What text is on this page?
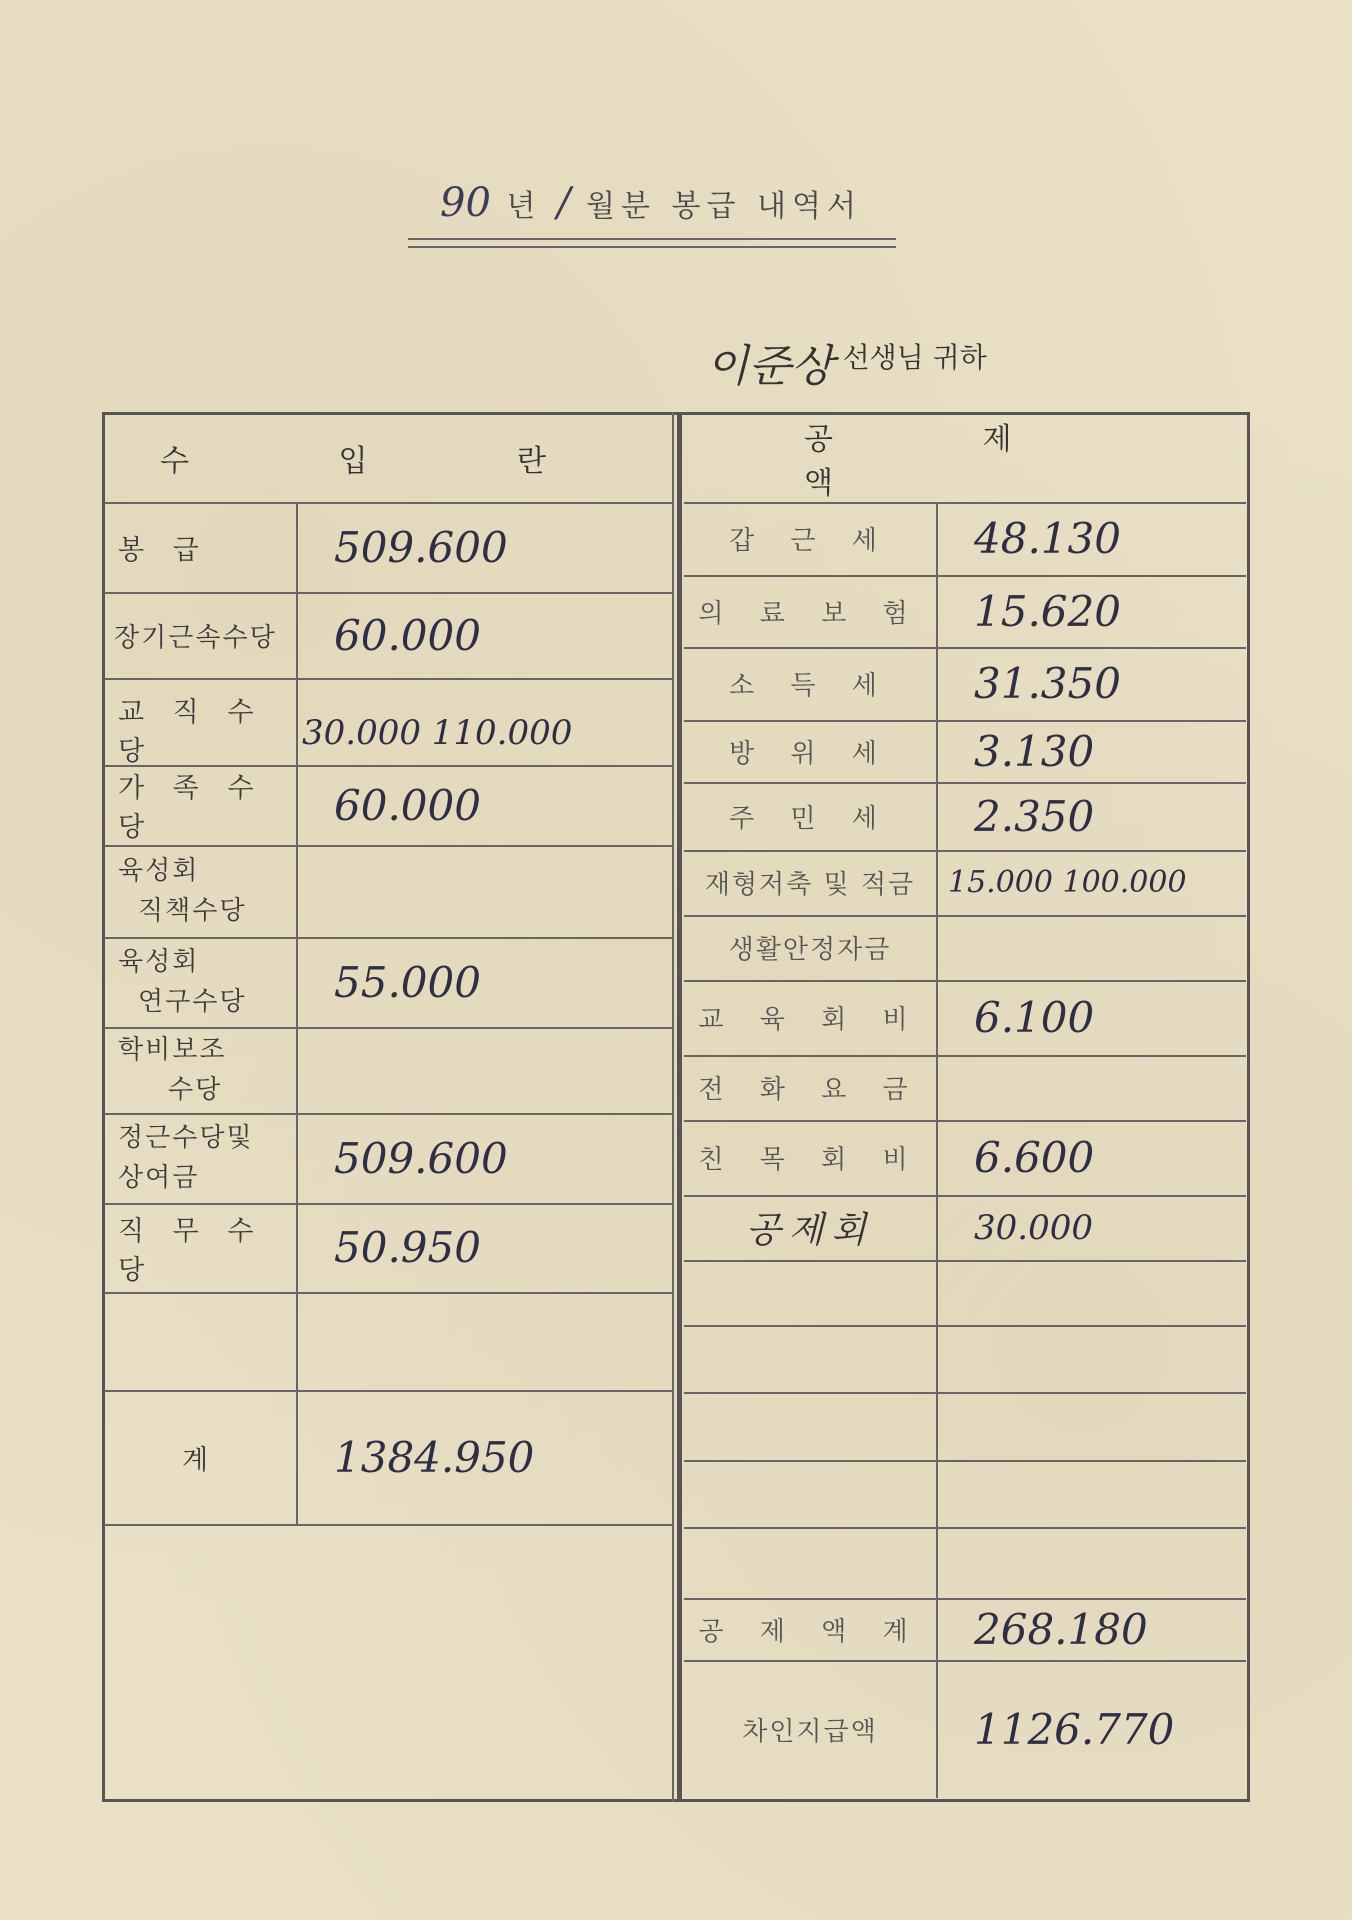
90 년 / 월분 봉급 내역서
이준상 선생님 귀하
수 입 란
봉 급	509.600
장기근속수당	60.000
교 직 수 당	30.000 110.000
가 족 수 당	60.000
육성회
직책수당
육성회
연구수당	55.000
학비보조
수당
정근수당및
상여금	509.600
직 무 수 당	50.950
계	1384.950
공 제 액
갑 근 세	48.130
의 료 보 험	15.620
소 득 세	31.350
방 위 세	3.130
주 민 세	2.350
재형저축 및 적금	15.000 100.000
생활안정자금
교 육 회 비	6.100
전 화 요 금
친 목 회 비	6.600
공제회	30.000
공 제 액 계	268.180
차인지급액	1126.770
